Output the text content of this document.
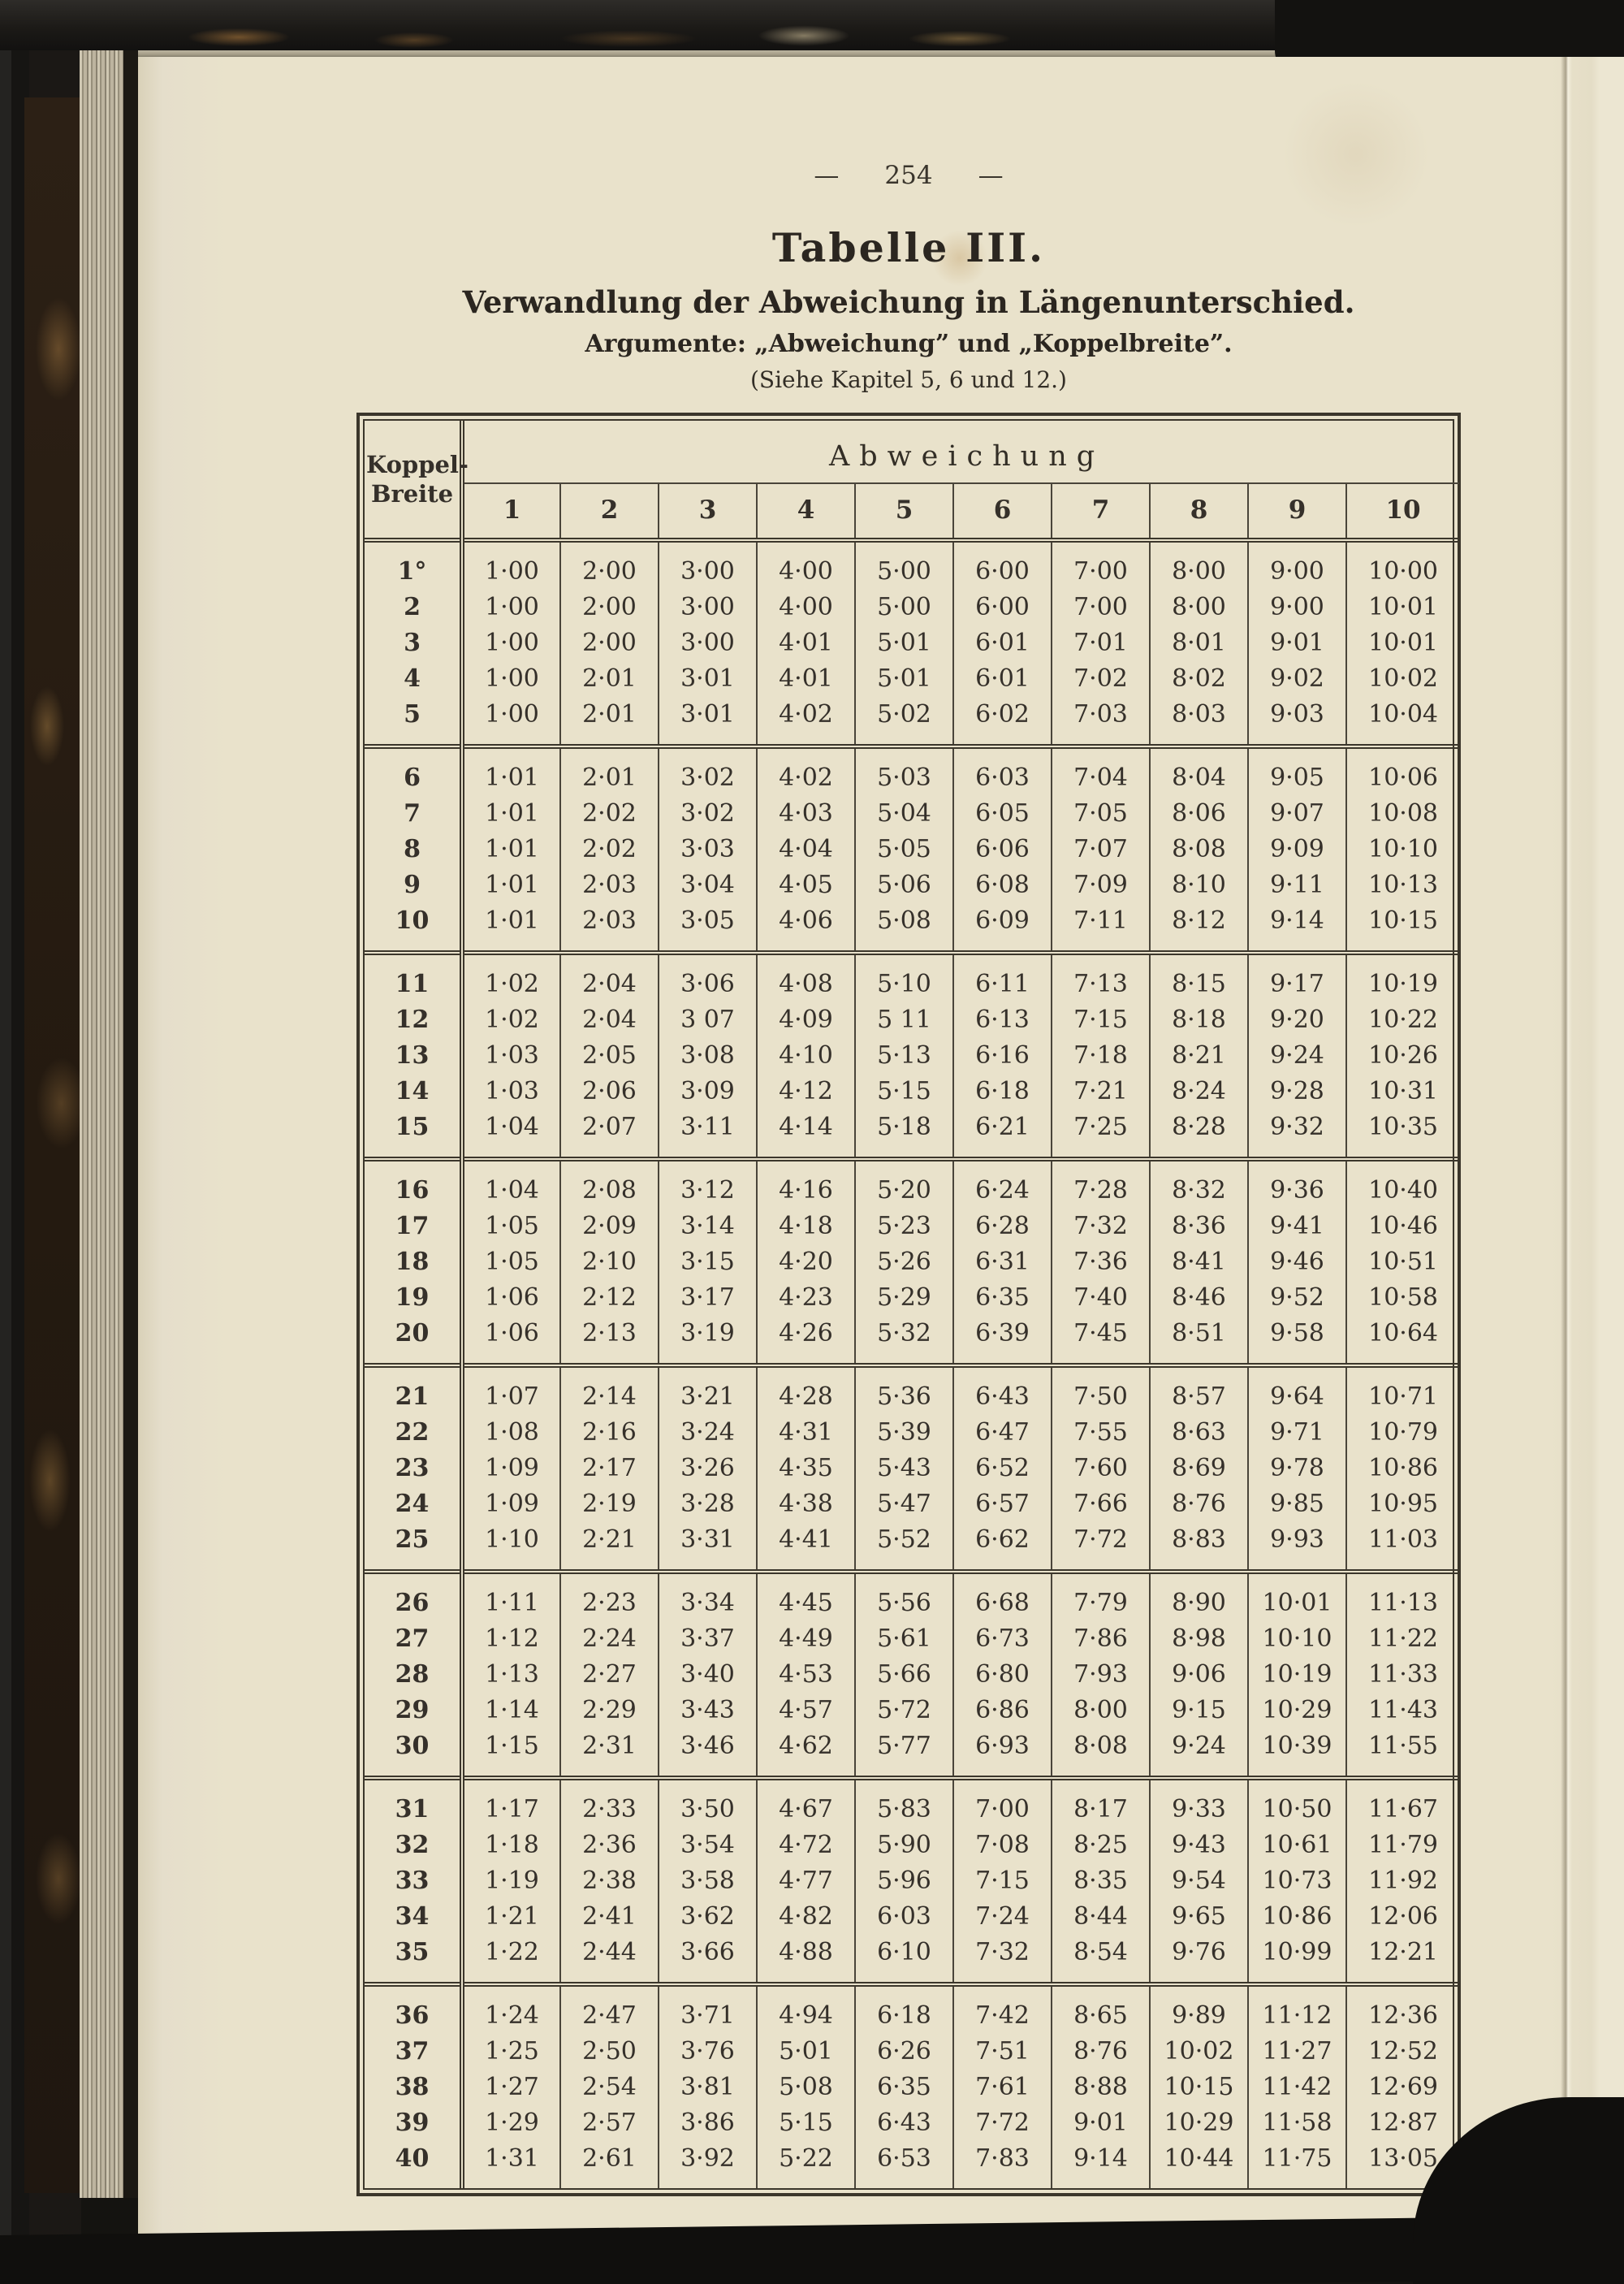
— 254 —
Tabelle III.
Verwandlung der Abweichung in Längenunterschied.
Argumente: „Abweichung” und „Koppelbreite”.
(Siehe Kapitel 5, 6 und 12.)
Koppel-
Breite	Abweichung									
	1	2	3	4	5	6	7	8	9	10
1°	1·00	2·00	3·00	4·00	5·00	6·00	7·00	8·00	9·00	10·00
2	1·00	2·00	3·00	4·00	5·00	6·00	7·00	8·00	9·00	10·01
3	1·00	2·00	3·00	4·01	5·01	6·01	7·01	8·01	9·01	10·01
4	1·00	2·01	3·01	4·01	5·01	6·01	7·02	8·02	9·02	10·02
5	1·00	2·01	3·01	4·02	5·02	6·02	7·03	8·03	9·03	10·04
6	1·01	2·01	3·02	4·02	5·03	6·03	7·04	8·04	9·05	10·06
7	1·01	2·02	3·02	4·03	5·04	6·05	7·05	8·06	9·07	10·08
8	1·01	2·02	3·03	4·04	5·05	6·06	7·07	8·08	9·09	10·10
9	1·01	2·03	3·04	4·05	5·06	6·08	7·09	8·10	9·11	10·13
10	1·01	2·03	3·05	4·06	5·08	6·09	7·11	8·12	9·14	10·15
11	1·02	2·04	3·06	4·08	5·10	6·11	7·13	8·15	9·17	10·19
12	1·02	2·04	3 07	4·09	5 11	6·13	7·15	8·18	9·20	10·22
13	1·03	2·05	3·08	4·10	5·13	6·16	7·18	8·21	9·24	10·26
14	1·03	2·06	3·09	4·12	5·15	6·18	7·21	8·24	9·28	10·31
15	1·04	2·07	3·11	4·14	5·18	6·21	7·25	8·28	9·32	10·35
16	1·04	2·08	3·12	4·16	5·20	6·24	7·28	8·32	9·36	10·40
17	1·05	2·09	3·14	4·18	5·23	6·28	7·32	8·36	9·41	10·46
18	1·05	2·10	3·15	4·20	5·26	6·31	7·36	8·41	9·46	10·51
19	1·06	2·12	3·17	4·23	5·29	6·35	7·40	8·46	9·52	10·58
20	1·06	2·13	3·19	4·26	5·32	6·39	7·45	8·51	9·58	10·64
21	1·07	2·14	3·21	4·28	5·36	6·43	7·50	8·57	9·64	10·71
22	1·08	2·16	3·24	4·31	5·39	6·47	7·55	8·63	9·71	10·79
23	1·09	2·17	3·26	4·35	5·43	6·52	7·60	8·69	9·78	10·86
24	1·09	2·19	3·28	4·38	5·47	6·57	7·66	8·76	9·85	10·95
25	1·10	2·21	3·31	4·41	5·52	6·62	7·72	8·83	9·93	11·03
26	1·11	2·23	3·34	4·45	5·56	6·68	7·79	8·90	10·01	11·13
27	1·12	2·24	3·37	4·49	5·61	6·73	7·86	8·98	10·10	11·22
28	1·13	2·27	3·40	4·53	5·66	6·80	7·93	9·06	10·19	11·33
29	1·14	2·29	3·43	4·57	5·72	6·86	8·00	9·15	10·29	11·43
30	1·15	2·31	3·46	4·62	5·77	6·93	8·08	9·24	10·39	11·55
31	1·17	2·33	3·50	4·67	5·83	7·00	8·17	9·33	10·50	11·67
32	1·18	2·36	3·54	4·72	5·90	7·08	8·25	9·43	10·61	11·79
33	1·19	2·38	3·58	4·77	5·96	7·15	8·35	9·54	10·73	11·92
34	1·21	2·41	3·62	4·82	6·03	7·24	8·44	9·65	10·86	12·06
35	1·22	2·44	3·66	4·88	6·10	7·32	8·54	9·76	10·99	12·21
36	1·24	2·47	3·71	4·94	6·18	7·42	8·65	9·89	11·12	12·36
37	1·25	2·50	3·76	5·01	6·26	7·51	8·76	10·02	11·27	12·52
38	1·27	2·54	3·81	5·08	6·35	7·61	8·88	10·15	11·42	12·69
39	1·29	2·57	3·86	5·15	6·43	7·72	9·01	10·29	11·58	12·87
40	1·31	2·61	3·92	5·22	6·53	7·83	9·14	10·44	11·75	13·05
